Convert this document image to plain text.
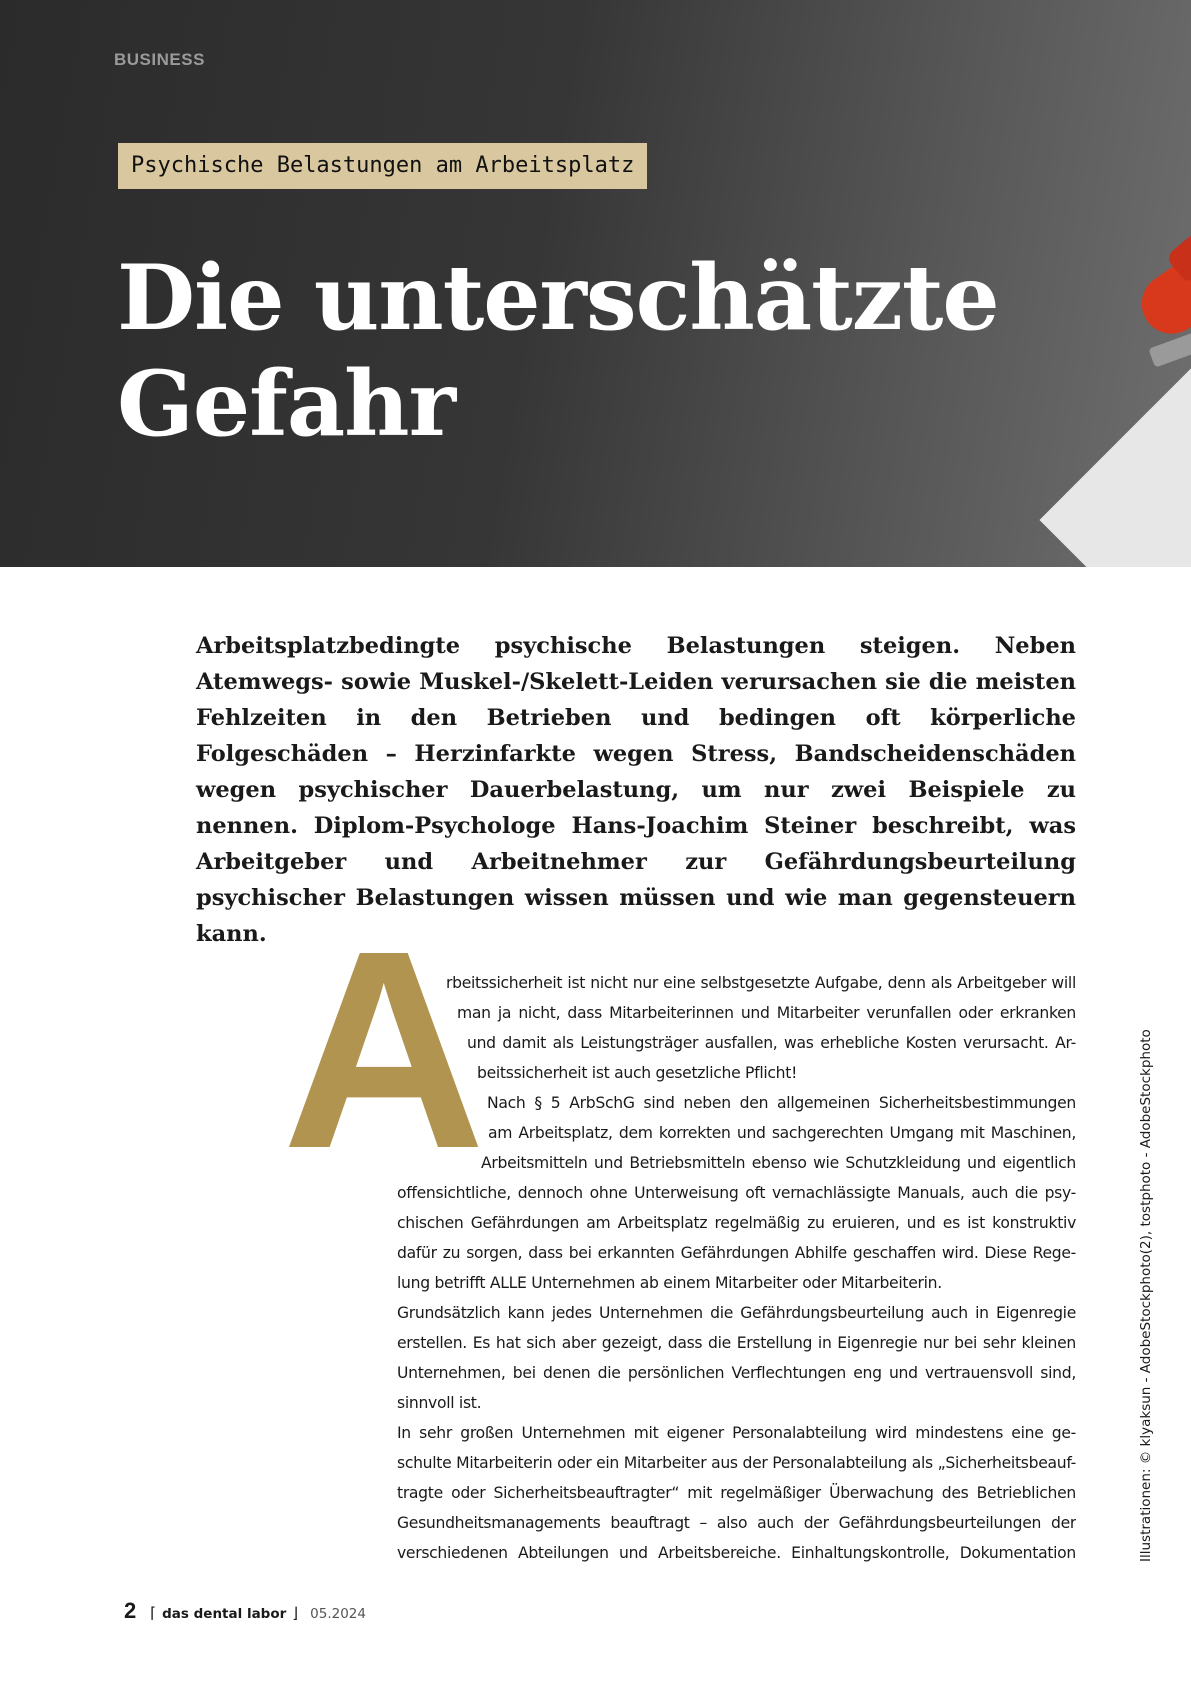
BUSINESS
Psychische Belastungen am Arbeitsplatz
Die unterschätzte
Gefahr

Arbeitsplatzbedingte psychische Belastungen steigen. Neben Atemwegs- sowie Muskel-/Skelett-Leiden verursachen sie die meisten Fehlzeiten in den Betrieben und bedingen oft körperliche Folgeschäden – Herzinfarkte wegen Stress, Bandscheidenschäden wegen psychischer Dauerbelastung, um nur zwei Beispiele zu nennen. Diplom-Psychologe Hans-Joachim Steiner beschreibt, was Arbeitgeber und Arbeitnehmer zur Gefährdungsbeurteilung psychischer Belastungen wissen müssen und wie man gegensteuern kann. A
rbeitssicherheit ist nicht nur eine selbstgesetzte Aufgabe, denn als Arbeitgeber will
man ja nicht, dass Mitarbeiterinnen und Mitarbeiter verunfallen oder erkranken
und damit als Leistungsträger ausfallen, was erhebliche Kosten verursacht. Ar-
beitssicherheit ist auch gesetzliche Pflicht!
Nach § 5 ArbSchG sind neben den allgemeinen Sicherheitsbestimmungen
am Arbeitsplatz, dem korrekten und sachgerechten Umgang mit Maschinen,
Arbeitsmitteln und Betriebsmitteln ebenso wie Schutzkleidung und eigentlich
offensichtliche, dennoch ohne Unterweisung oft vernachlässigte Manuals, auch die psy-
chischen Gefährdungen am Arbeitsplatz regelmäßig zu eruieren, und es ist konstruktiv
dafür zu sorgen, dass bei erkannten Gefährdungen Abhilfe geschaffen wird. Diese Rege-
lung betrifft ALLE Unternehmen ab einem Mitarbeiter oder Mitarbeiterin.
Grundsätzlich kann jedes Unternehmen die Gefährdungsbeurteilung auch in Eigenregie
erstellen. Es hat sich aber gezeigt, dass die Erstellung in Eigenregie nur bei sehr kleinen
Unternehmen, bei denen die persönlichen Verflechtungen eng und vertrauensvoll sind,
sinnvoll ist.
In sehr großen Unternehmen mit eigener Personalabteilung wird mindestens eine ge-
schulte Mitarbeiterin oder ein Mitarbeiter aus der Personalabteilung als „Sicherheitsbeauf-
tragte oder Sicherheitsbeauftragter“ mit regelmäßiger Überwachung des Betrieblichen
Gesundheitsmanagements beauftragt – also auch der Gefährdungsbeurteilungen der
verschiedenen Abteilungen und Arbeitsbereiche. Einhaltungskontrolle, Dokumentation	Illustrationen: © klyaksun - AdobeStockphoto(2), tostphoto - AdobeStockphoto
2 ⌈ das dental labor ⌋ 05.2024
